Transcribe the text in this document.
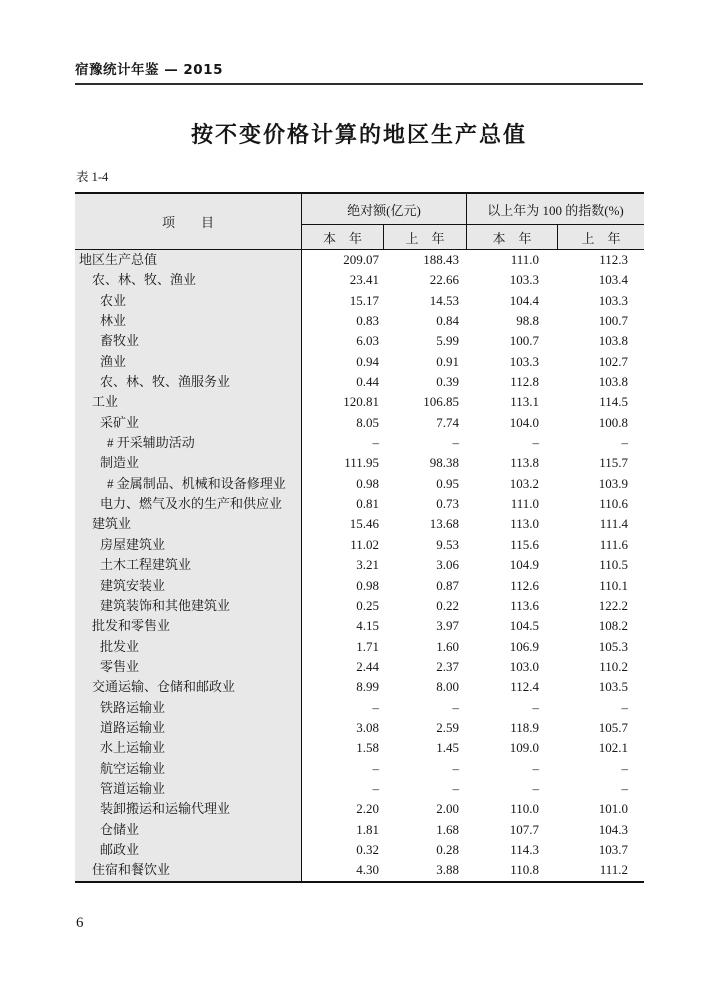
宿豫统计年鉴 — 2015
按不变价格计算的地区生产总值
表 1-4
项　　目
绝对额(亿元)	以上年为 100 的指数(%)
本　年	上　年	本　年	上　年
地区生产总值	209.07	188.43	111.0	112.3
农、林、牧、渔业	23.41	22.66	103.3	103.4
农业	15.17	14.53	104.4	103.3
林业	0.83	0.84	98.8	100.7
畜牧业	6.03	5.99	100.7	103.8
渔业	0.94	0.91	103.3	102.7
农、林、牧、渔服务业	0.44	0.39	112.8	103.8
工业	120.81	106.85	113.1	114.5
采矿业	8.05	7.74	104.0	100.8
# 开采辅助活动	–	–	–	–
制造业	111.95	98.38	113.8	115.7
# 金属制品、机械和设备修理业	0.98	0.95	103.2	103.9
电力、燃气及水的生产和供应业	0.81	0.73	111.0	110.6
建筑业	15.46	13.68	113.0	111.4
房屋建筑业	11.02	9.53	115.6	111.6
土木工程建筑业	3.21	3.06	104.9	110.5
建筑安装业	0.98	0.87	112.6	110.1
建筑装饰和其他建筑业	0.25	0.22	113.6	122.2
批发和零售业	4.15	3.97	104.5	108.2
批发业	1.71	1.60	106.9	105.3
零售业	2.44	2.37	103.0	110.2
交通运输、仓储和邮政业	8.99	8.00	112.4	103.5
铁路运输业	–	–	–	–
道路运输业	3.08	2.59	118.9	105.7
水上运输业	1.58	1.45	109.0	102.1
航空运输业	–	–	–	–
管道运输业	–	–	–	–
装卸搬运和运输代理业	2.20	2.00	110.0	101.0
仓储业	1.81	1.68	107.7	104.3
邮政业	0.32	0.28	114.3	103.7
住宿和餐饮业	4.30	3.88	110.8	111.2
6
